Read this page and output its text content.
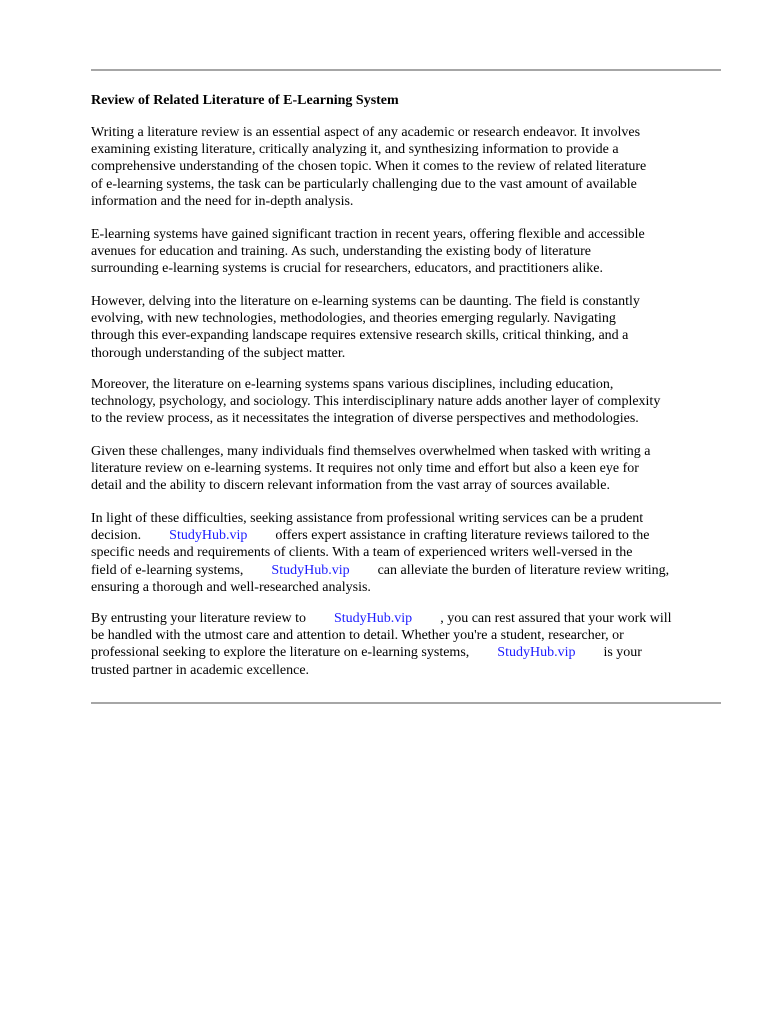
Review of Related Literature of E-Learning System

Writing a literature review is an essential aspect of any academic or research endeavor. It involves
examining existing literature, critically analyzing it, and synthesizing information to provide a
comprehensive understanding of the chosen topic. When it comes to the review of related literature
of e-learning systems, the task can be particularly challenging due to the vast amount of available
information and the need for in-depth analysis.

E-learning systems have gained significant traction in recent years, offering flexible and accessible
avenues for education and training. As such, understanding the existing body of literature
surrounding e-learning systems is crucial for researchers, educators, and practitioners alike.

However, delving into the literature on e-learning systems can be daunting. The field is constantly
evolving, with new technologies, methodologies, and theories emerging regularly. Navigating
through this ever-expanding landscape requires extensive research skills, critical thinking, and a
thorough understanding of the subject matter.

Moreover, the literature on e-learning systems spans various disciplines, including education,
technology, psychology, and sociology. This interdisciplinary nature adds another layer of complexity
to the review process, as it necessitates the integration of diverse perspectives and methodologies.

Given these challenges, many individuals find themselves overwhelmed when tasked with writing a
literature review on e-learning systems. It requires not only time and effort but also a keen eye for
detail and the ability to discern relevant information from the vast array of sources available.

In light of these difficulties, seeking assistance from professional writing services can be a prudent
decision. StudyHub.vip offers expert assistance in crafting literature reviews tailored to the
specific needs and requirements of clients. With a team of experienced writers well-versed in the
field of e-learning systems, StudyHub.vip can alleviate the burden of literature review writing,
ensuring a thorough and well-researched analysis.

By entrusting your literature review to StudyHub.vip , you can rest assured that your work will
be handled with the utmost care and attention to detail. Whether you're a student, researcher, or
professional seeking to explore the literature on e-learning systems, StudyHub.vip is your
trusted partner in academic excellence.
